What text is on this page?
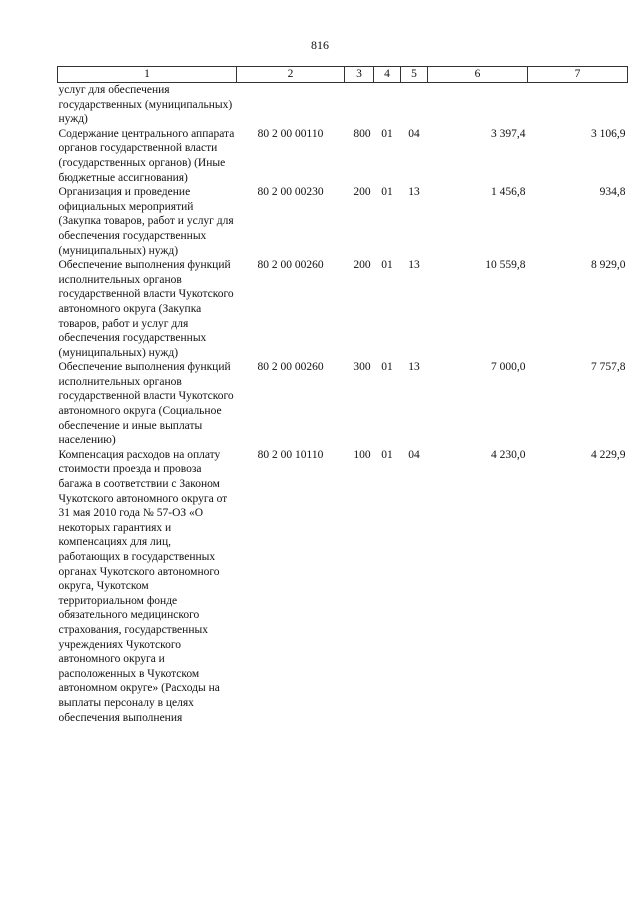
816
1	2	3	4	5	6	7
услуг для обеспечения государственных (муниципальных) нужд)						
Содержание центрального аппарата органов государственной власти (государственных органов) (Иные бюджетные ассигнования)	80 2 00 00110	800	01	04	3 397,4	3 106,9
Организация и проведение официальных мероприятий (Закупка товаров, работ и услуг для обеспечения государственных (муниципальных) нужд)	80 2 00 00230	200	01	13	1 456,8	934,8
Обеспечение выполнения функций исполнительных органов государственной власти Чукотского автономного округа (Закупка товаров, работ и услуг для обеспечения государственных (муниципальных) нужд)	80 2 00 00260	200	01	13	10 559,8	8 929,0
Обеспечение выполнения функций исполнительных органов государственной власти Чукотского автономного округа (Социальное обеспечение и иные выплаты населению)	80 2 00 00260	300	01	13	7 000,0	7 757,8
Компенсация расходов на оплату стоимости проезда и провоза багажа в соответствии с Законом Чукотского автономного округа от 31 мая 2010 года № 57-ОЗ «О некоторых гарантиях и компенсациях для лиц, работающих в государственных органах Чукотского автономного округа, Чукотском территориальном фонде обязательного медицинского страхования, государственных учреждениях Чукотского автономного округа и расположенных в Чукотском автономном округе» (Расходы на выплаты персоналу в целях обеспечения выполнения	80 2 00 10110	100	01	04	4 230,0	4 229,9
